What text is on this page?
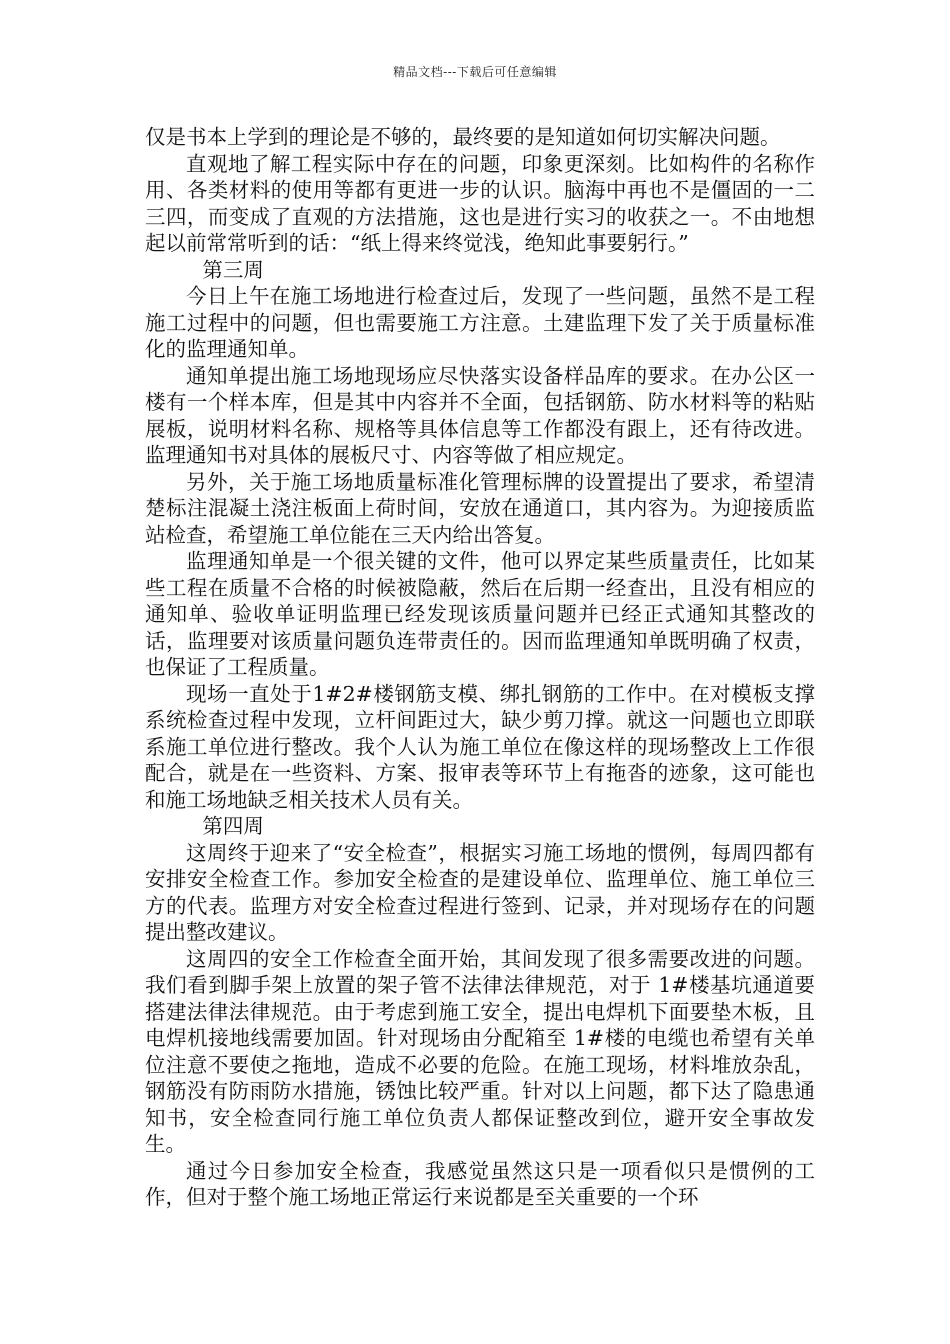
精品文档---下载后可任意编辑

仅是书本上学到的理论是不够的，最终要的是知道如何切实解决问题。

直观地了解工程实际中存在的问题，印象更深刻。比如构件的名称作用、各类材料的使用等都有更进一步的认识。脑海中再也不是僵固的一二三四，而变成了直观的方法措施，这也是进行实习的收获之一。不由地想起以前常常听到的话：“纸上得来终觉浅，绝知此事要躬行。”

第三周

今日上午在施工场地进行检查过后，发现了一些问题，虽然不是工程施工过程中的问题，但也需要施工方注意。土建监理下发了关于质量标准化的监理通知单。

通知单提出施工场地现场应尽快落实设备样品库的要求。在办公区一楼有一个样本库，但是其中内容并不全面，包括钢筋、防水材料等的粘贴展板，说明材料名称、规格等具体信息等工作都没有跟上，还有待改进。监理通知书对具体的展板尺寸、内容等做了相应规定。

另外，关于施工场地质量标准化管理标牌的设置提出了要求，希望清楚标注混凝土浇注板面上荷时间，安放在通道口，其内容为。为迎接质监站检查，希望施工单位能在三天内给出答复。

监理通知单是一个很关键的文件，他可以界定某些质量责任，比如某些工程在质量不合格的时候被隐蔽，然后在后期一经查出，且没有相应的通知单、验收单证明监理已经发现该质量问题并已经正式通知其整改的话，监理要对该质量问题负连带责任的。因而监理通知单既明确了权责，也保证了工程质量。

现场一直处于1#2#楼钢筋支模、绑扎钢筋的工作中。在对模板支撑系统检查过程中发现，立杆间距过大，缺少剪刀撑。就这一问题也立即联系施工单位进行整改。我个人认为施工单位在像这样的现场整改上工作很配合，就是在一些资料、方案、报审表等环节上有拖沓的迹象，这可能也和施工场地缺乏相关技术人员有关。

第四周

这周终于迎来了“安全检查”，根据实习施工场地的惯例，每周四都有安排安全检查工作。参加安全检查的是建设单位、监理单位、施工单位三方的代表。监理方对安全检查过程进行签到、记录，并对现场存在的问题提出整改建议。

这周四的安全工作检查全面开始，其间发现了很多需要改进的问题。我们看到脚手架上放置的架子管不法律法律规范，对于 1#楼基坑通道要搭建法律法律规范。由于考虑到施工安全，提出电焊机下面要垫木板，且电焊机接地线需要加固。针对现场由分配箱至 1#楼的电缆也希望有关单位注意不要使之拖地，造成不必要的危险。在施工现场，材料堆放杂乱，钢筋没有防雨防水措施，锈蚀比较严重。针对以上问题，都下达了隐患通知书，安全检查同行施工单位负责人都保证整改到位，避开安全事故发生。

通过今日参加安全检查，我感觉虽然这只是一项看似只是惯例的工作，但对于整个施工场地正常运行来说都是至关重要的一个环
